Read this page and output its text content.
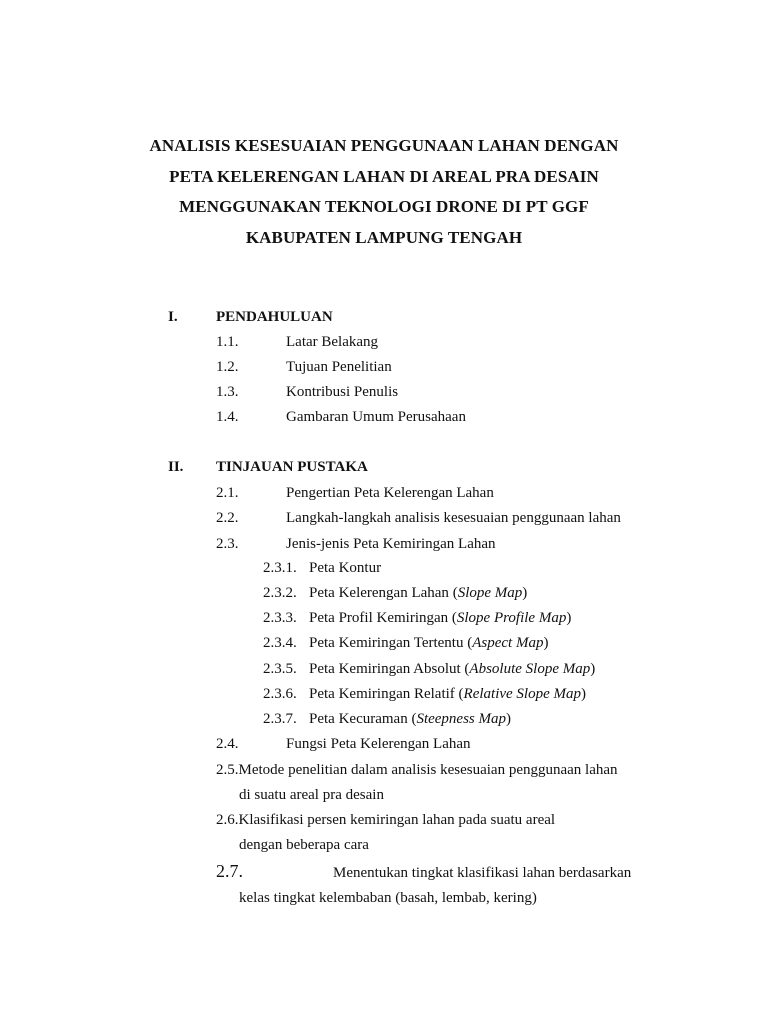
ANALISIS KESESUAIAN PENGGUNAAN LAHAN DENGAN
PETA KELERENGAN LAHAN DI AREAL PRA DESAIN
MENGGUNAKAN TEKNOLOGI DRONE DI PT GGF
KABUPATEN LAMPUNG TENGAH
I.	PENDAHULUAN
1.1.	Latar Belakang
1.2.	Tujuan Penelitian
1.3.	Kontribusi Penulis
1.4.	Gambaran Umum Perusahaan
II. TINJAUAN PUSTAKA
2.1.	Pengertian Peta Kelerengan Lahan
2.2.	Langkah-langkah analisis kesesuaian penggunaan lahan
2.3.	Jenis-jenis Peta Kemiringan Lahan
2.3.1. Peta Kontur
2.3.2. Peta Kelerengan Lahan (Slope Map)
2.3.3. Peta Profil Kemiringan (Slope Profile Map)
2.3.4. Peta Kemiringan Tertentu (Aspect Map)
2.3.5. Peta Kemiringan Absolut (Absolute Slope Map)
2.3.6. Peta Kemiringan Relatif (Relative Slope Map)
2.3.7. Peta Kecuraman (Steepness Map)
2.4.	Fungsi Peta Kelerengan Lahan
2.5.Metode penelitian dalam analisis kesesuaian penggunaan lahan
di suatu areal pra desain
2.6.Klasifikasi persen kemiringan lahan pada suatu areal
dengan beberapa cara
2.7.	Menentukan tingkat klasifikasi lahan berdasarkan
kelas tingkat kelembaban (basah, lembab, kering)
